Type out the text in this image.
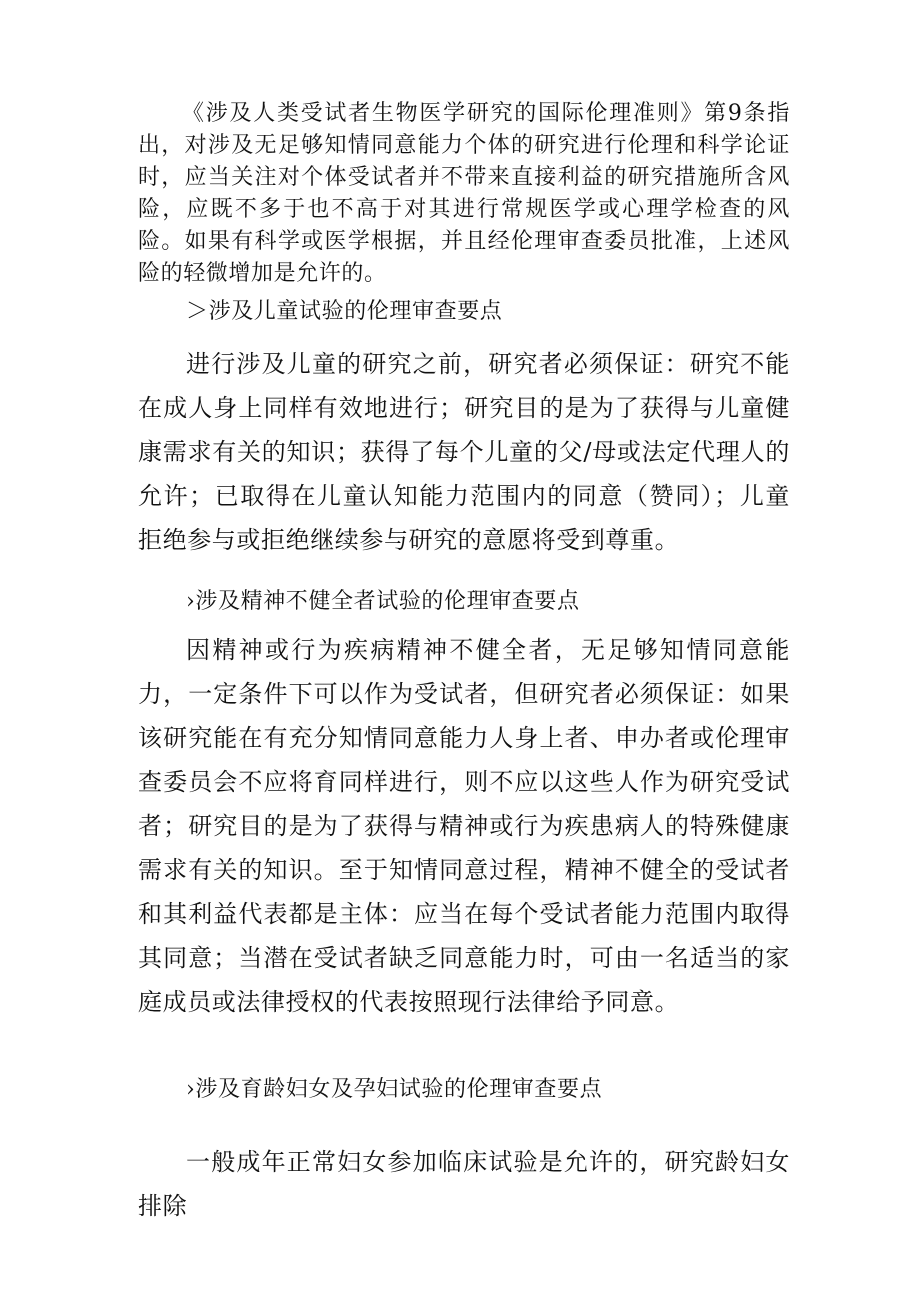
《涉及人类受试者生物医学研究的国际伦理准则》第9条指出，对涉及无足够知情同意能力个体的研究进行伦理和科学论证时，应当关注对个体受试者并不带来直接利益的研究措施所含风险，应既不多于也不高于对其进行常规医学或心理学检查的风险。如果有科学或医学根据，并且经伦理审查委员批准，上述风险的轻微增加是允许的。

＞涉及儿童试验的伦理审查要点

进行涉及儿童的研究之前，研究者必须保证：研究不能在成人身上同样有效地进行；研究目的是为了获得与儿童健康需求有关的知识；获得了每个儿童的父/母或法定代理人的允许；已取得在儿童认知能力范围内的同意（赞同）；儿童拒绝参与或拒绝继续参与研究的意愿将受到尊重。

›涉及精神不健全者试验的伦理审查要点

因精神或行为疾病精神不健全者，无足够知情同意能力，一定条件下可以作为受试者，但研究者必须保证：如果该研究能在有充分知情同意能力人身上者、申办者或伦理审查委员会不应将育同样进行，则不应以这些人作为研究受试者；研究目的是为了获得与精神或行为疾患病人的特殊健康需求有关的知识。至于知情同意过程，精神不健全的受试者和其利益代表都是主体：应当在每个受试者能力范围内取得其同意；当潜在受试者缺乏同意能力时，可由一名适当的家庭成员或法律授权的代表按照现行法律给予同意。

›涉及育龄妇女及孕妇试验的伦理审查要点

一般成年正常妇女参加临床试验是允许的，研究龄妇女排除
